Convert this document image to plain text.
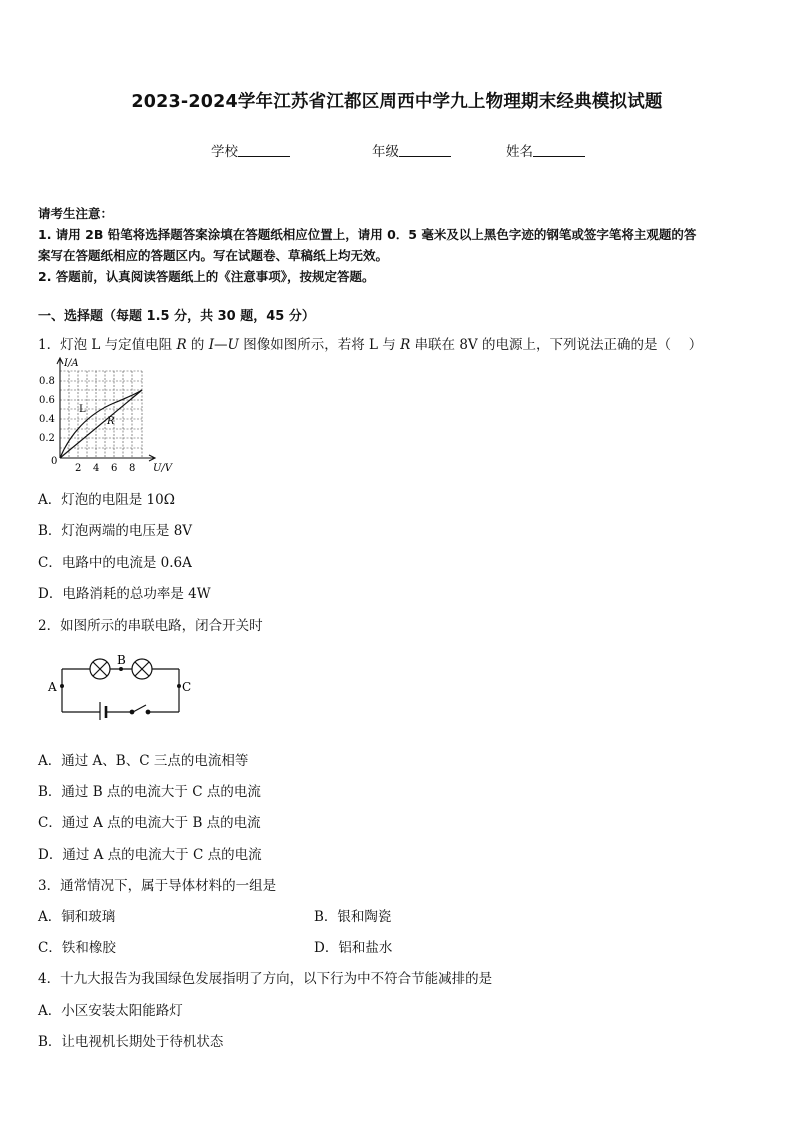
2023-2024学年江苏省江都区周西中学九上物理期末经典模拟试题
学校	年级	姓名
请考生注意：
1. 请用 2B 铅笔将选择题答案涂填在答题纸相应位置上，请用 0．5 毫米及以上黑色字迹的钢笔或签字笔将主观题的答
案写在答题纸相应的答题区内。写在试题卷、草稿纸上均无效。
2. 答题前，认真阅读答题纸上的《注意事项》，按规定答题。
一、选择题（每题 1.5 分，共 30 题，45 分）
1．灯泡 L 与定值电阻 R 的 I—U 图像如图所示，若将 L 与 R 串联在 8V 的电源上，下列说法正确的是（　 ）
I/A
U/V
0.8
0.6
0.4
0.2
0
2 4 6 8
L
R
A．灯泡的电阻是 10Ω
B．灯泡两端的电压是 8V
C．电路中的电流是 0.6A
D．电路消耗的总功率是 4W
2．如图所示的串联电路，闭合开关时
A
B
C
A．通过 A、B、C 三点的电流相等
B．通过 B 点的电流大于 C 点的电流
C．通过 A 点的电流大于 B 点的电流
D．通过 A 点的电流大于 C 点的电流
3．通常情况下，属于导体材料的一组是
A．铜和玻璃	B．银和陶瓷
C．铁和橡胶	D．铝和盐水
4．十九大报告为我国绿色发展指明了方向，以下行为中不符合节能减排的是
A．小区安装太阳能路灯
B．让电视机长期处于待机状态
